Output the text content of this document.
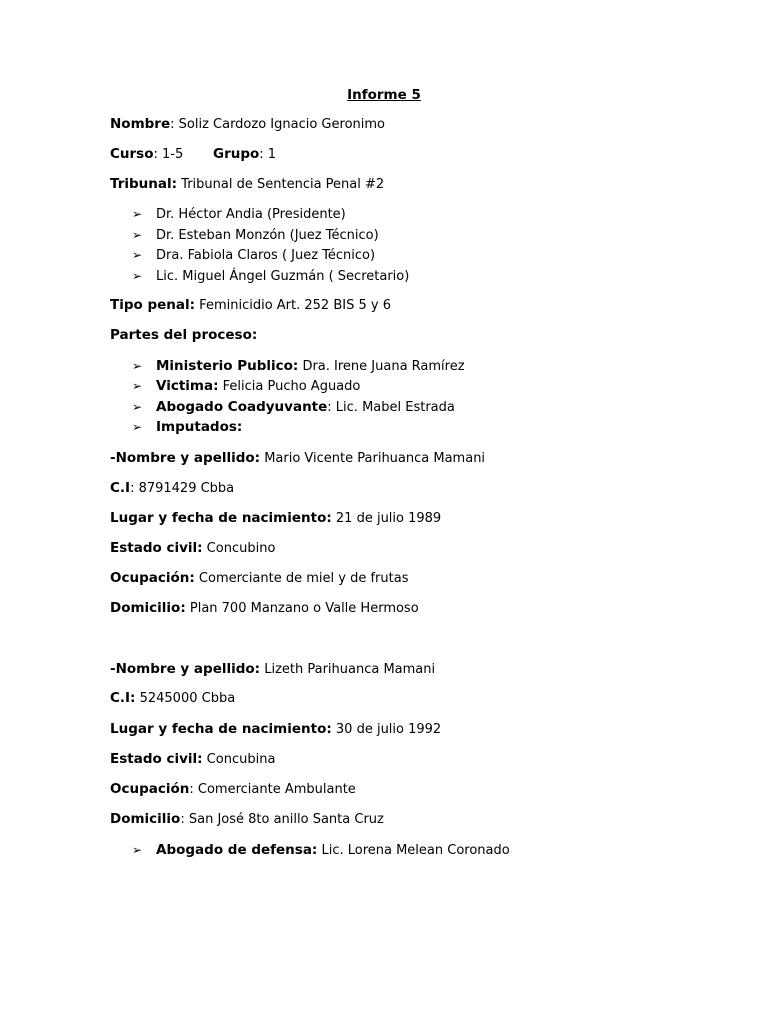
Informe 5
Nombre: Soliz Cardozo Ignacio Geronimo
Curso: 1-5 Grupo: 1
Tribunal: Tribunal de Sentencia Penal #2
➢ Dr. Héctor Andia (Presidente)
➢ Dr. Esteban Monzón (Juez Técnico)
➢ Dra. Fabiola Claros ( Juez Técnico)
➢ Lic. Miguel Ángel Guzmán ( Secretario)
Tipo penal: Feminicidio Art. 252 BIS 5 y 6
Partes del proceso:
➢ Ministerio Publico: Dra. Irene Juana Ramírez
➢ Victima: Felicia Pucho Aguado
➢ Abogado Coadyuvante: Lic. Mabel Estrada
➢ Imputados:
-Nombre y apellido: Mario Vicente Parihuanca Mamani
C.I: 8791429 Cbba
Lugar y fecha de nacimiento: 21 de julio 1989
Estado civil: Concubino
Ocupación: Comerciante de miel y de frutas
Domicilio: Plan 700 Manzano o Valle Hermoso
-Nombre y apellido: Lizeth Parihuanca Mamani
C.I: 5245000 Cbba
Lugar y fecha de nacimiento: 30 de julio 1992
Estado civil: Concubina
Ocupación: Comerciante Ambulante
Domicilio: San José 8to anillo Santa Cruz
➢ Abogado de defensa: Lic. Lorena Melean Coronado
